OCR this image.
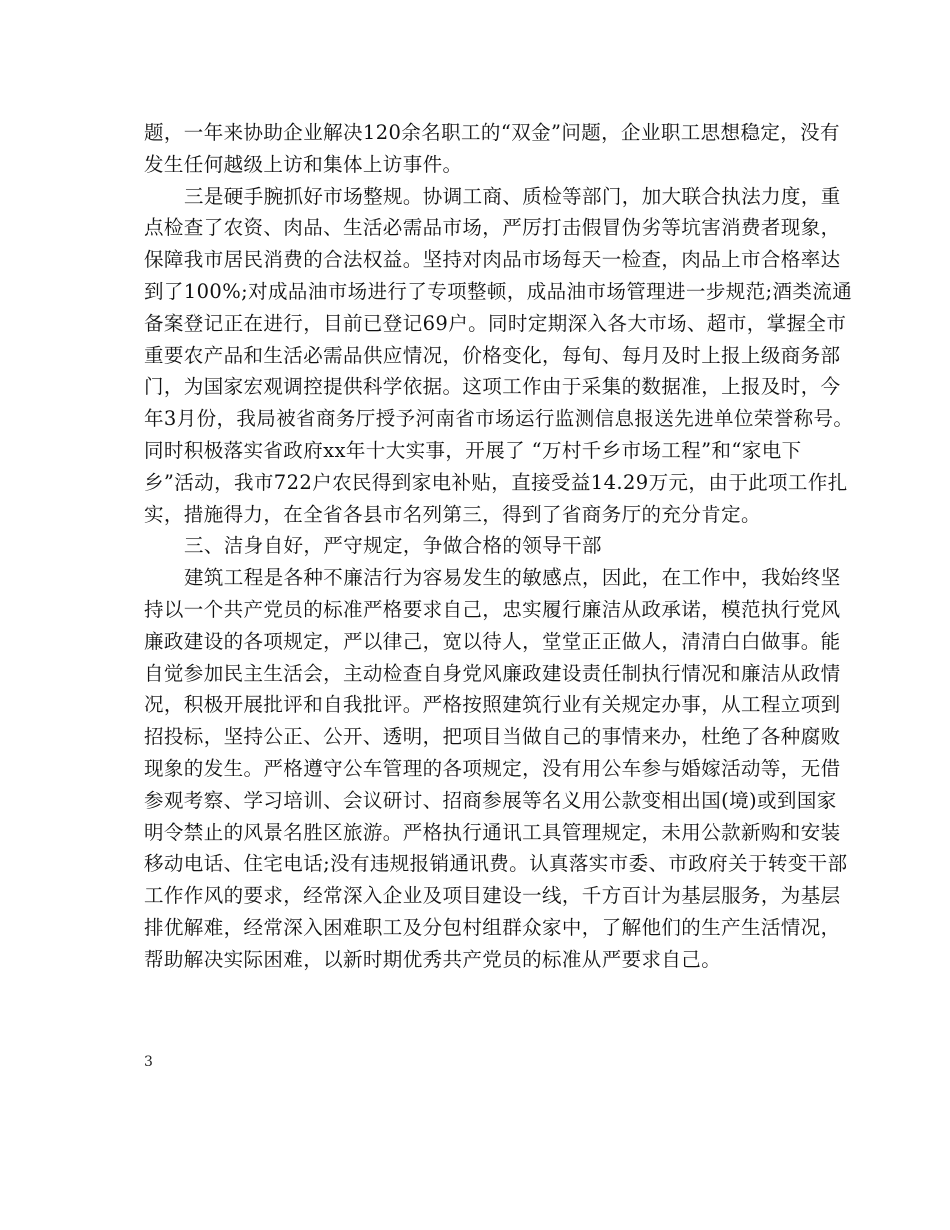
题，一年来协助企业解决120余名职工的“双金”问题，企业职工思想稳定，没有
发生任何越级上访和集体上访事件。
三是硬手腕抓好市场整规。协调工商、质检等部门，加大联合执法力度，重
点检查了农资、肉品、生活必需品市场，严厉打击假冒伪劣等坑害消费者现象，
保障我市居民消费的合法权益。坚持对肉品市场每天一检查，肉品上市合格率达
到了100%;对成品油市场进行了专项整顿，成品油市场管理进一步规范;酒类流通
备案登记正在进行，目前已登记69户。同时定期深入各大市场、超市，掌握全市
重要农产品和生活必需品供应情况，价格变化，每旬、每月及时上报上级商务部
门，为国家宏观调控提供科学依据。这项工作由于采集的数据准，上报及时，今
年3月份，我局被省商务厅授予河南省市场运行监测信息报送先进单位荣誉称号。
同时积极落实省政府xx年十大实事，开展了 “万村千乡市场工程”和“家电下
乡”活动，我市722户农民得到家电补贴，直接受益14.29万元，由于此项工作扎
实，措施得力，在全省各县市名列第三，得到了省商务厅的充分肯定。
三、洁身自好，严守规定，争做合格的领导干部
建筑工程是各种不廉洁行为容易发生的敏感点，因此，在工作中，我始终坚
持以一个共产党员的标准严格要求自己，忠实履行廉洁从政承诺，模范执行党风
廉政建设的各项规定，严以律己，宽以待人，堂堂正正做人，清清白白做事。能
自觉参加民主生活会，主动检查自身党风廉政建设责任制执行情况和廉洁从政情
况，积极开展批评和自我批评。严格按照建筑行业有关规定办事，从工程立项到
招投标，坚持公正、公开、透明，把项目当做自己的事情来办，杜绝了各种腐败
现象的发生。严格遵守公车管理的各项规定，没有用公车参与婚嫁活动等，无借
参观考察、学习培训、会议研讨、招商参展等名义用公款变相出国(境)或到国家
明令禁止的风景名胜区旅游。严格执行通讯工具管理规定，未用公款新购和安装
移动电话、住宅电话;没有违规报销通讯费。认真落实市委、市政府关于转变干部
工作作风的要求，经常深入企业及项目建设一线，千方百计为基层服务，为基层
排优解难，经常深入困难职工及分包村组群众家中，了解他们的生产生活情况，
帮助解决实际困难，以新时期优秀共产党员的标准从严要求自己。
3
